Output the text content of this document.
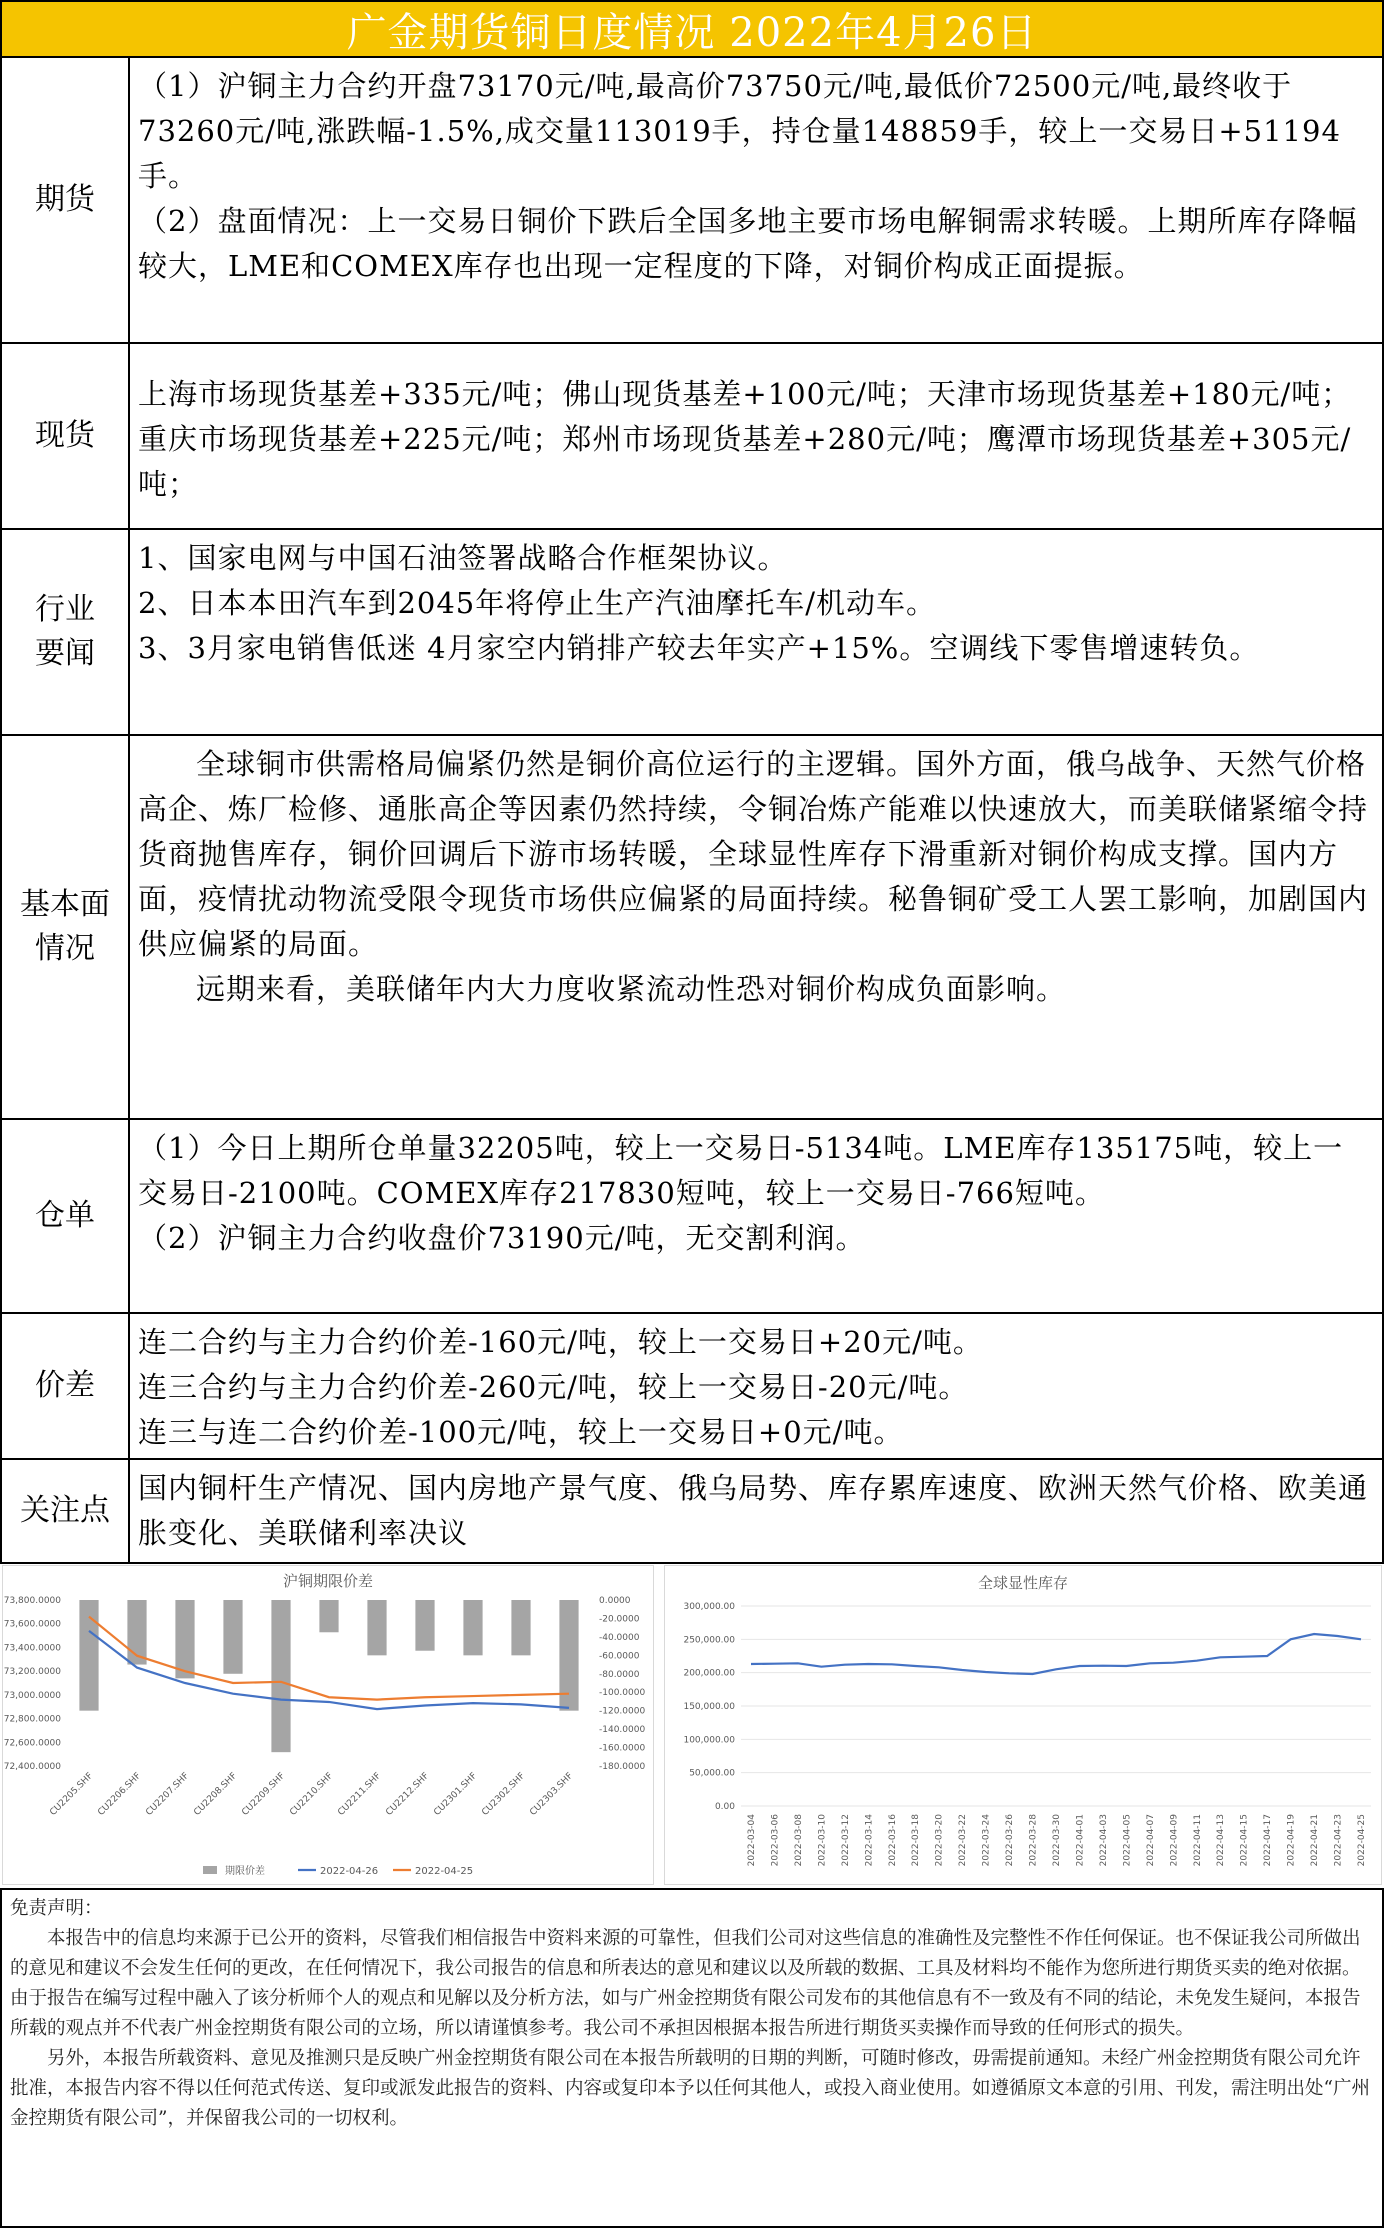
广金期货铜日度情况 2022年4月26日
期货

（1）沪铜主力合约开盘73170元/吨,最高价73750元/吨,最低价72500元/吨,最终收于73260元/吨,涨跌幅-1.5%,成交量113019手，持仓量148859手，较上一交易日+51194手。

（2）盘面情况：上一交易日铜价下跌后全国多地主要市场电解铜需求转暖。上期所库存降幅较大，LME和COMEX库存也出现一定程度的下降，对铜价构成正面提振。

现货

上海市场现货基差+335元/吨；佛山现货基差+100元/吨；天津市场现货基差+180元/吨；重庆市场现货基差+225元/吨；郑州市场现货基差+280元/吨；鹰潭市场现货基差+305元/吨；

行业要闻

1、国家电网与中国石油签署战略合作框架协议。

2、日本本田汽车到2045年将停止生产汽油摩托车/机动车。

3、3月家电销售低迷 4月家空内销排产较去年实产+15%。空调线下零售增速转负。

基本面情况

全球铜市供需格局偏紧仍然是铜价高位运行的主逻辑。国外方面，俄乌战争、天然气价格高企、炼厂检修、通胀高企等因素仍然持续，令铜冶炼产能难以快速放大，而美联储紧缩令持货商抛售库存，铜价回调后下游市场转暖，全球显性库存下滑重新对铜价构成支撑。国内方面，疫情扰动物流受限令现货市场供应偏紧的局面持续。秘鲁铜矿受工人罢工影响，加剧国内供应偏紧的局面。

远期来看，美联储年内大力度收紧流动性恐对铜价构成负面影响。

仓单

（1）今日上期所仓单量32205吨，较上一交易日-5134吨。LME库存135175吨，较上一交易日-2100吨。COMEX库存217830短吨，较上一交易日-766短吨。

（2）沪铜主力合约收盘价73190元/吨，无交割利润。

价差

连二合约与主力合约价差-160元/吨，较上一交易日+20元/吨。

连三合约与主力合约价差-260元/吨，较上一交易日-20元/吨。

连三与连二合约价差-100元/吨，较上一交易日+0元/吨。

关注点

国内铜杆生产情况、国内房地产景气度、俄乌局势、库存累库速度、欧洲天然气价格、欧美通胀变化、美联储利率决议

沪铜期限价差
73,800.0000
73,600.0000
73,400.0000
73,200.0000
73,000.0000
72,800.0000
72,600.0000
72,400.0000
0.0000
-20.0000
-40.0000
-60.0000
-80.0000
-100.0000
-120.0000
-140.0000
-160.0000
-180.0000
CU2205.SHF CU2206.SHF CU2207.SHF CU2208.SHF CU2209.SHF CU2210.SHF CU2211.SHF CU2212.SHF CU2301.SHF CU2302.SHF CU2303.SHF
期限价差	2022-04-26	2022-04-25
全球显性库存
300,000.00
250,000.00
200,000.00
150,000.00
100,000.00
50,000.00
0.00
2022-03-04 2022-03-06 2022-03-08 2022-03-10 2022-03-12 2022-03-14 2022-03-16 2022-03-18 2022-03-20 2022-03-22 2022-03-24 2022-03-26 2022-03-28 2022-03-30 2022-04-01 2022-04-03 2022-04-05 2022-04-07 2022-04-09 2022-04-11 2022-04-13 2022-04-15 2022-04-17 2022-04-19 2022-04-21 2022-04-23 2022-04-25

免责声明：

本报告中的信息均来源于已公开的资料，尽管我们相信报告中资料来源的可靠性，但我们公司对这些信息的准确性及完整性不作任何保证。也不保证我公司所做出的意见和建议不会发生任何的更改，在任何情况下，我公司报告的信息和所表达的意见和建议以及所载的数据、工具及材料均不能作为您所进行期货买卖的绝对依据。由于报告在编写过程中融入了该分析师个人的观点和见解以及分析方法，如与广州金控期货有限公司发布的其他信息有不一致及有不同的结论，未免发生疑问，本报告所载的观点并不代表广州金控期货有限公司的立场，所以请谨慎参考。我公司不承担因根据本报告所进行期货买卖操作而导致的任何形式的损失。

另外，本报告所载资料、意见及推测只是反映广州金控期货有限公司在本报告所载明的日期的判断，可随时修改，毋需提前通知。未经广州金控期货有限公司允许批准，本报告内容不得以任何范式传送、复印或派发此报告的资料、内容或复印本予以任何其他人，或投入商业使用。如遵循原文本意的引用、刊发，需注明出处“广州金控期货有限公司”，并保留我公司的一切权利。
